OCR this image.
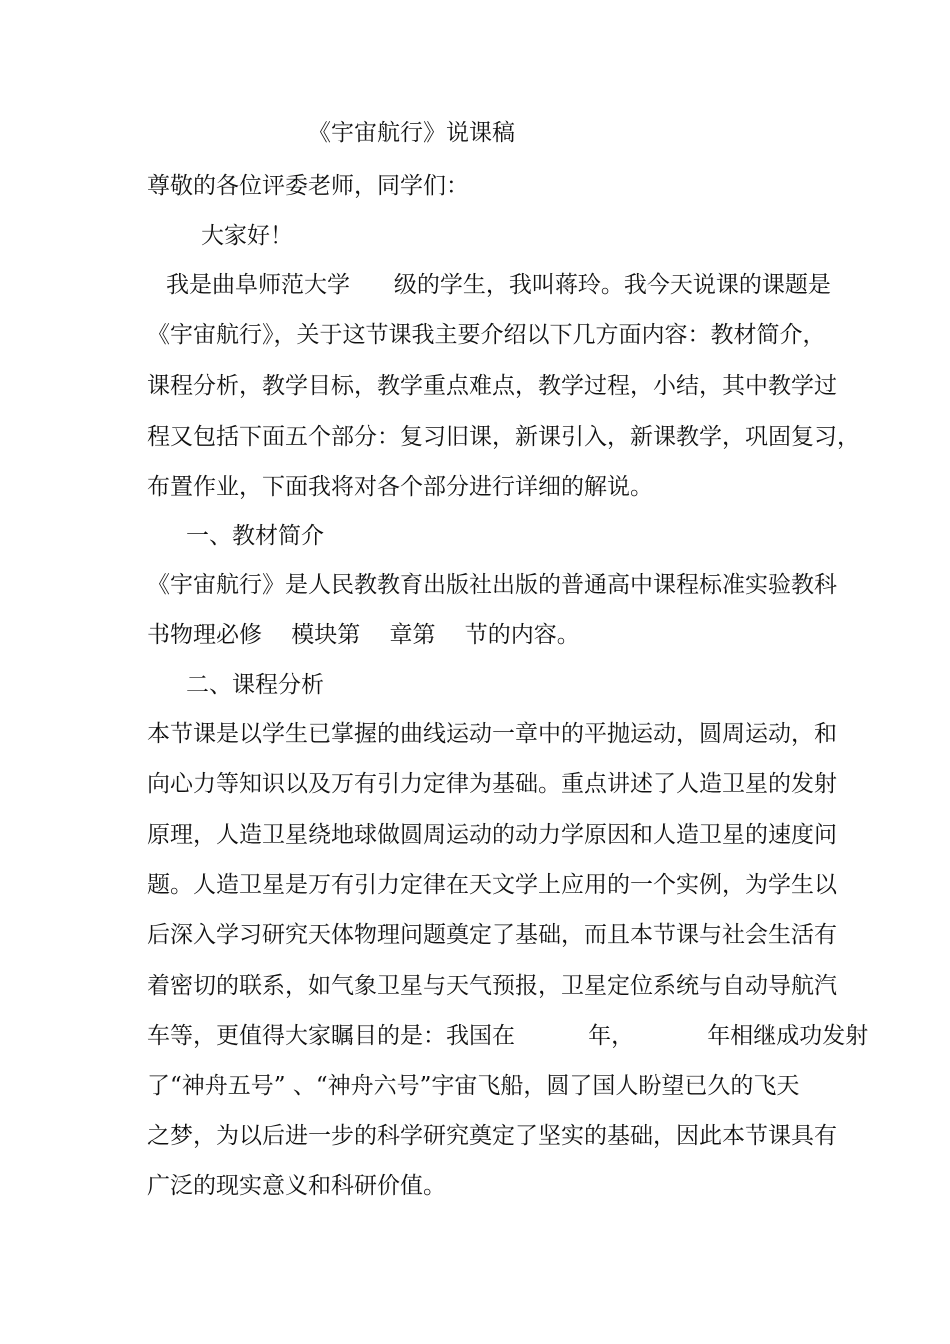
《宇宙航行》说课稿
尊敬的各位评委老师，同学们：
大家好！
我是曲阜师范大学      级的学生，我叫蒋玲。我今天说课的课题是
《宇宙航行》，关于这节课我主要介绍以下几方面内容：教材简介，
课程分析，教学目标，教学重点难点，教学过程，小结，其中教学过
程又包括下面五个部分：复习旧课，新课引入，新课教学，巩固复习，
布置作业，下面我将对各个部分进行详细的解说。
一、教材简介
《宇宙航行》是人民教教育出版社出版的普通高中课程标准实验教科
书物理必修    模块第    章第    节的内容。
二、课程分析
本节课是以学生已掌握的曲线运动一章中的平抛运动，圆周运动，和
向心力等知识以及万有引力定律为基础。重点讲述了人造卫星的发射
原理，人造卫星绕地球做圆周运动的动力学原因和人造卫星的速度问
题。人造卫星是万有引力定律在天文学上应用的一个实例，为学生以
后深入学习研究天体物理问题奠定了基础，而且本节课与社会生活有
着密切的联系，如气象卫星与天气预报，卫星定位系统与自动导航汽
车等，更值得大家瞩目的是：我国在          年，          年相继成功发射
了“神舟五号” 、“神舟六号”宇宙飞船，圆了国人盼望已久的飞天
之梦，为以后进一步的科学研究奠定了坚实的基础，因此本节课具有
广泛的现实意义和科研价值。
